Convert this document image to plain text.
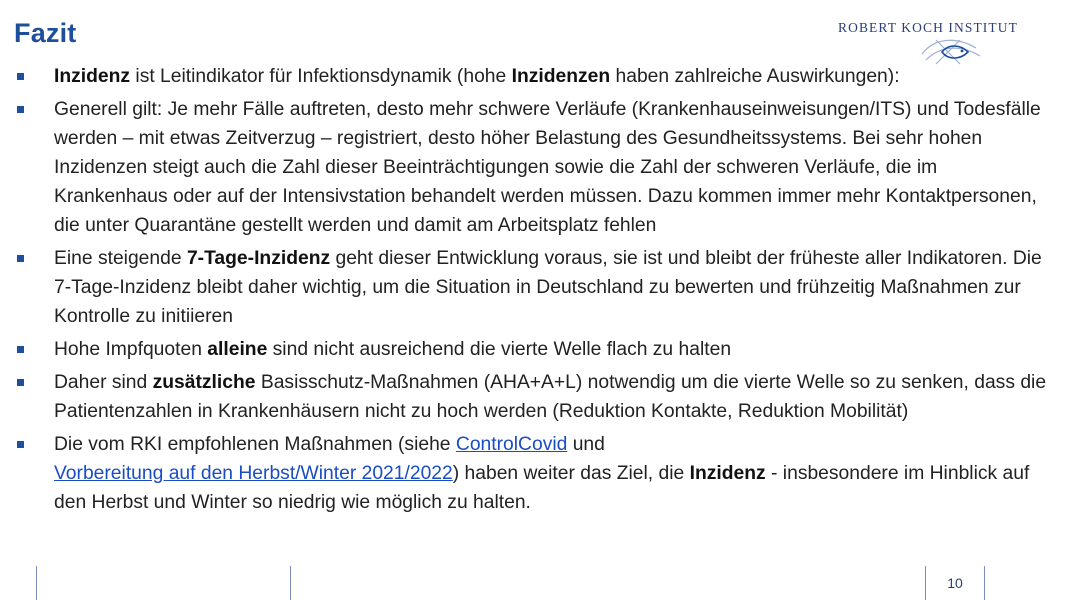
Fazit	ROBERT KOCH INSTITUT
Inzidenz ist Leitindikator für Infektionsdynamik (hohe Inzidenzen haben zahlreiche Auswirkungen):
Generell gilt: Je mehr Fälle auftreten, desto mehr schwere Verläufe (Krankenhauseinweisungen/ITS) und Todesfälle werden – mit etwas Zeitverzug – registriert, desto höher Belastung des Gesundheitssystems. Bei sehr hohen Inzidenzen steigt auch die Zahl dieser Beeinträchtigungen sowie die Zahl der schweren Verläufe, die im Krankenhaus oder auf der Intensivstation behandelt werden müssen. Dazu kommen immer mehr Kontaktpersonen, die unter Quarantäne gestellt werden und damit am Arbeitsplatz fehlen
Eine steigende 7-Tage-Inzidenz geht dieser Entwicklung voraus, sie ist und bleibt der früheste aller Indikatoren. Die 7-Tage-Inzidenz bleibt daher wichtig, um die Situation in Deutschland zu bewerten und frühzeitig Maßnahmen zur Kontrolle zu initiieren
Hohe Impfquoten alleine sind nicht ausreichend die vierte Welle flach zu halten
Daher sind zusätzliche Basisschutz-Maßnahmen (AHA+A+L) notwendig um die vierte Welle so zu senken, dass die Patientenzahlen in Krankenhäusern nicht zu hoch werden (Reduktion Kontakte, Reduktion Mobilität)
Die vom RKI empfohlenen Maßnahmen (siehe ControlCovid und
Vorbereitung auf den Herbst/Winter 2021/2022) haben weiter das Ziel, die Inzidenz - insbesondere im Hinblick auf den Herbst und Winter so niedrig wie möglich zu halten.
10
